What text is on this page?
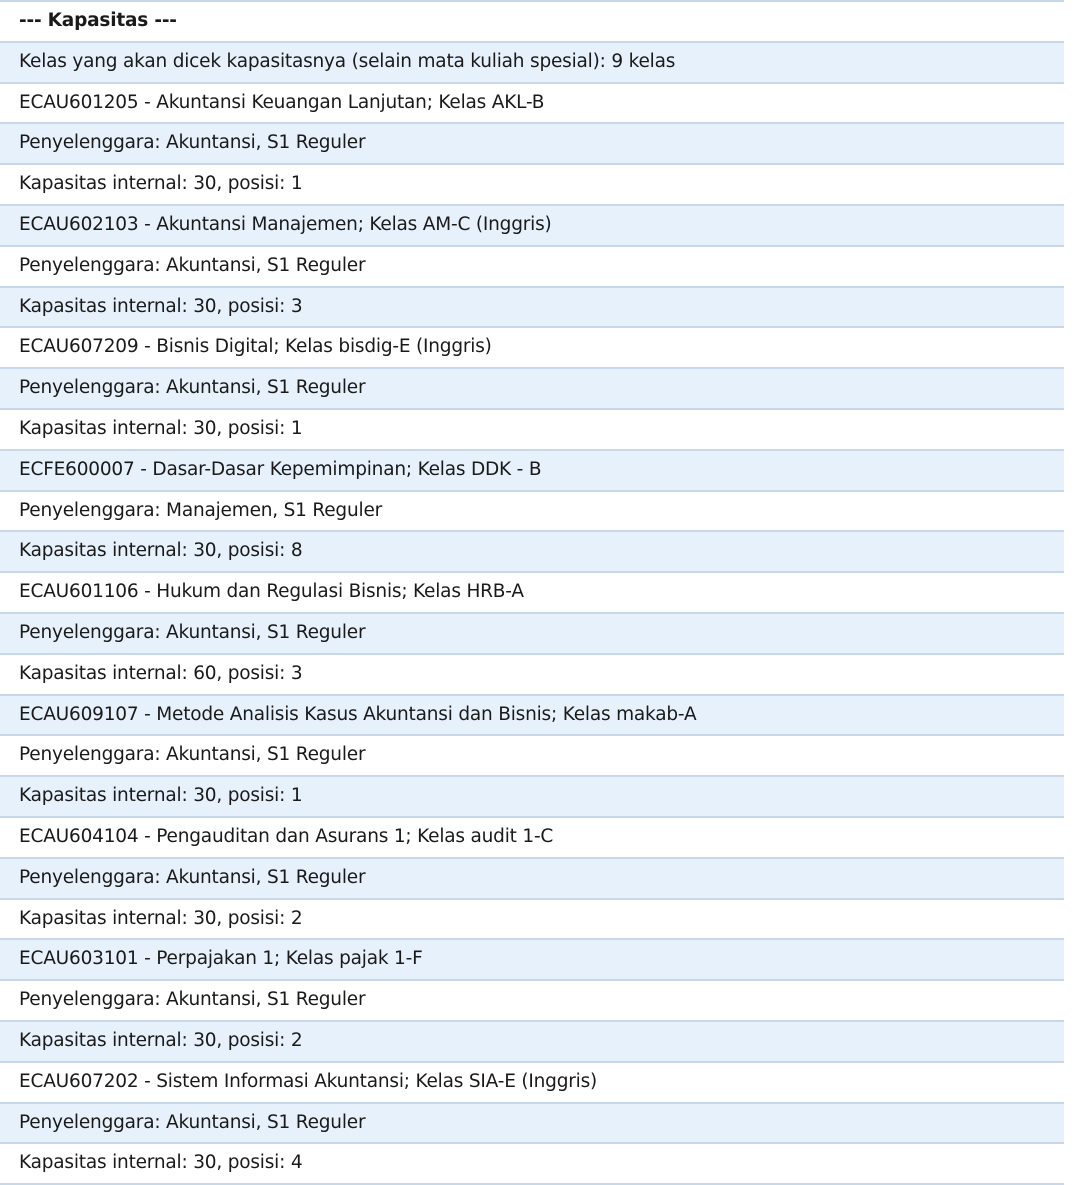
--- Kapasitas ---
Kelas yang akan dicek kapasitasnya (selain mata kuliah spesial): 9 kelas
ECAU601205 - Akuntansi Keuangan Lanjutan; Kelas AKL-B
Penyelenggara: Akuntansi, S1 Reguler
Kapasitas internal: 30, posisi: 1
ECAU602103 - Akuntansi Manajemen; Kelas AM-C (Inggris)
Penyelenggara: Akuntansi, S1 Reguler
Kapasitas internal: 30, posisi: 3
ECAU607209 - Bisnis Digital; Kelas bisdig-E (Inggris)
Penyelenggara: Akuntansi, S1 Reguler
Kapasitas internal: 30, posisi: 1
ECFE600007 - Dasar-Dasar Kepemimpinan; Kelas DDK - B
Penyelenggara: Manajemen, S1 Reguler
Kapasitas internal: 30, posisi: 8
ECAU601106 - Hukum dan Regulasi Bisnis; Kelas HRB-A
Penyelenggara: Akuntansi, S1 Reguler
Kapasitas internal: 60, posisi: 3
ECAU609107 - Metode Analisis Kasus Akuntansi dan Bisnis; Kelas makab-A
Penyelenggara: Akuntansi, S1 Reguler
Kapasitas internal: 30, posisi: 1
ECAU604104 - Pengauditan dan Asurans 1; Kelas audit 1-C
Penyelenggara: Akuntansi, S1 Reguler
Kapasitas internal: 30, posisi: 2
ECAU603101 - Perpajakan 1; Kelas pajak 1-F
Penyelenggara: Akuntansi, S1 Reguler
Kapasitas internal: 30, posisi: 2
ECAU607202 - Sistem Informasi Akuntansi; Kelas SIA-E (Inggris)
Penyelenggara: Akuntansi, S1 Reguler
Kapasitas internal: 30, posisi: 4
